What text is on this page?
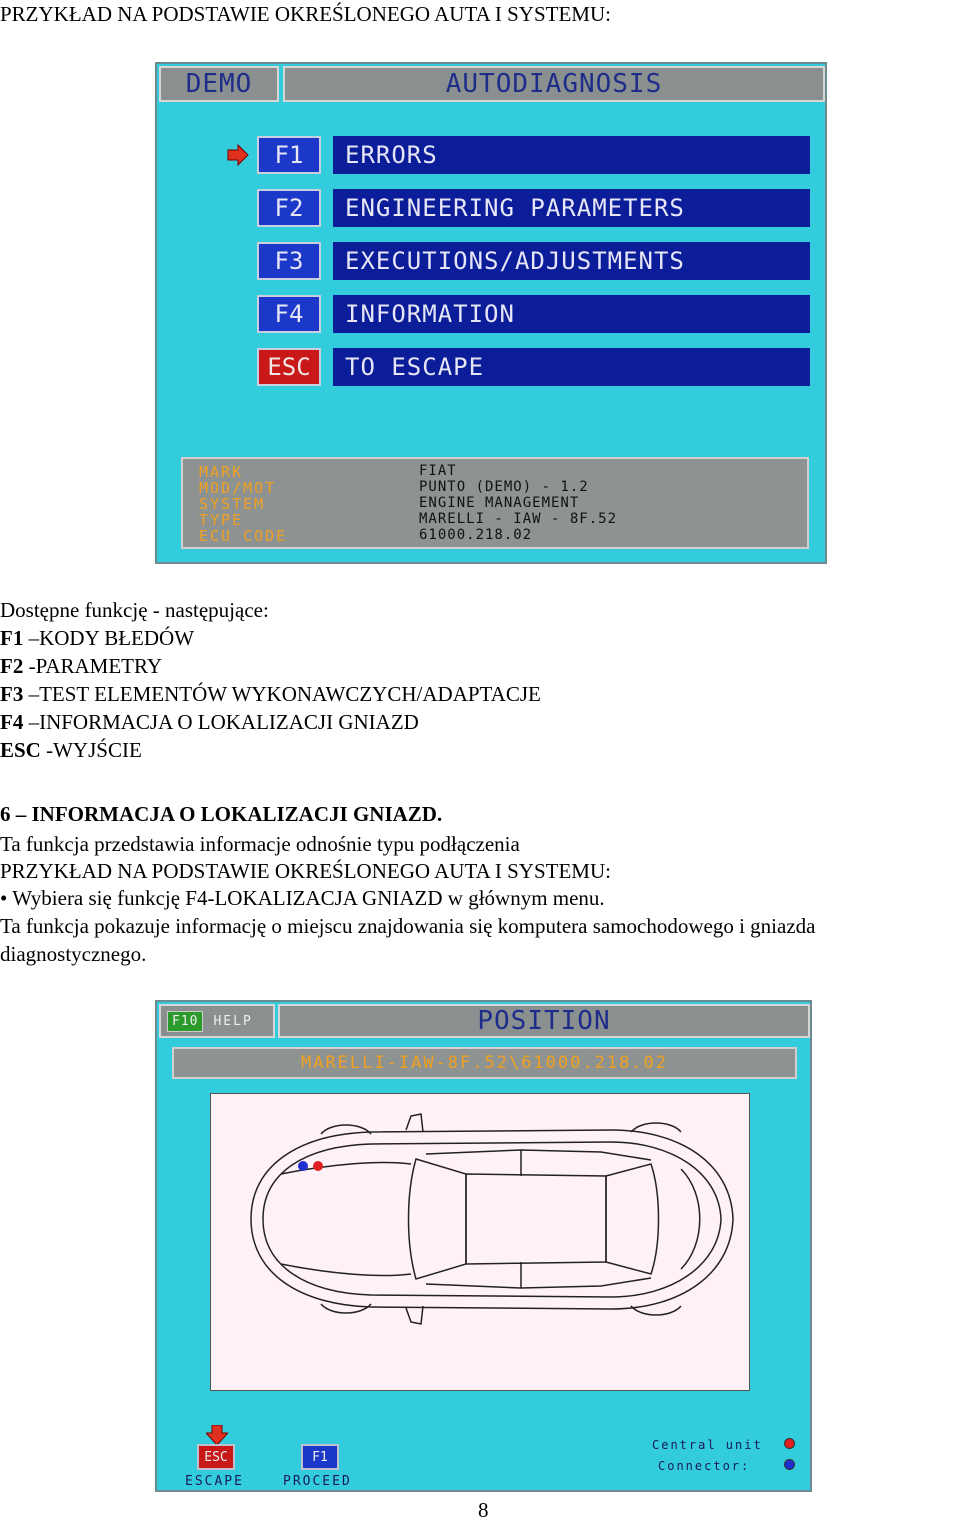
PRZYKŁAD NA PODSTAWIE OKREŚLONEGO AUTA I SYSTEMU:
DEMO	AUTODIAGNOSIS
F1	ERRORS
F2	ENGINEERING PARAMETERS
F3	EXECUTIONS/ADJUSTMENTS
F4	INFORMATION
ESC	TO ESCAPE
MARK	FIAT
MOD/MOT	PUNTO (DEMO) - 1.2
SYSTEM	ENGINE MANAGEMENT
TYPE	MARELLI - IAW - 8F.52
ECU CODE	61000.218.02
Dostępne funkcję - następujące:
F1 –KODY BŁEDÓW
F2 -PARAMETRY
F3 –TEST ELEMENTÓW WYKONAWCZYCH/ADAPTACJE
F4 –INFORMACJA O LOKALIZACJI GNIAZD
ESC -WYJŚCIE
6 – INFORMACJA O LOKALIZACJI GNIAZD.
Ta funkcja przedstawia informacje odnośnie typu podłączenia
PRZYKŁAD NA PODSTAWIE OKREŚLONEGO AUTA I SYSTEMU:
• Wybiera się funkcję F4-LOKALIZACJA GNIAZD w głównym menu.
Ta funkcja pokazuje informację o miejscu znajdowania się komputera samochodowego i gniazda
diagnostycznego.
F10	HELP	POSITION
MARELLI-IAW-8F.52\61000.218.02
ESC
ESCAPE
F1
PROCEED
Central unit
Connector:
8
